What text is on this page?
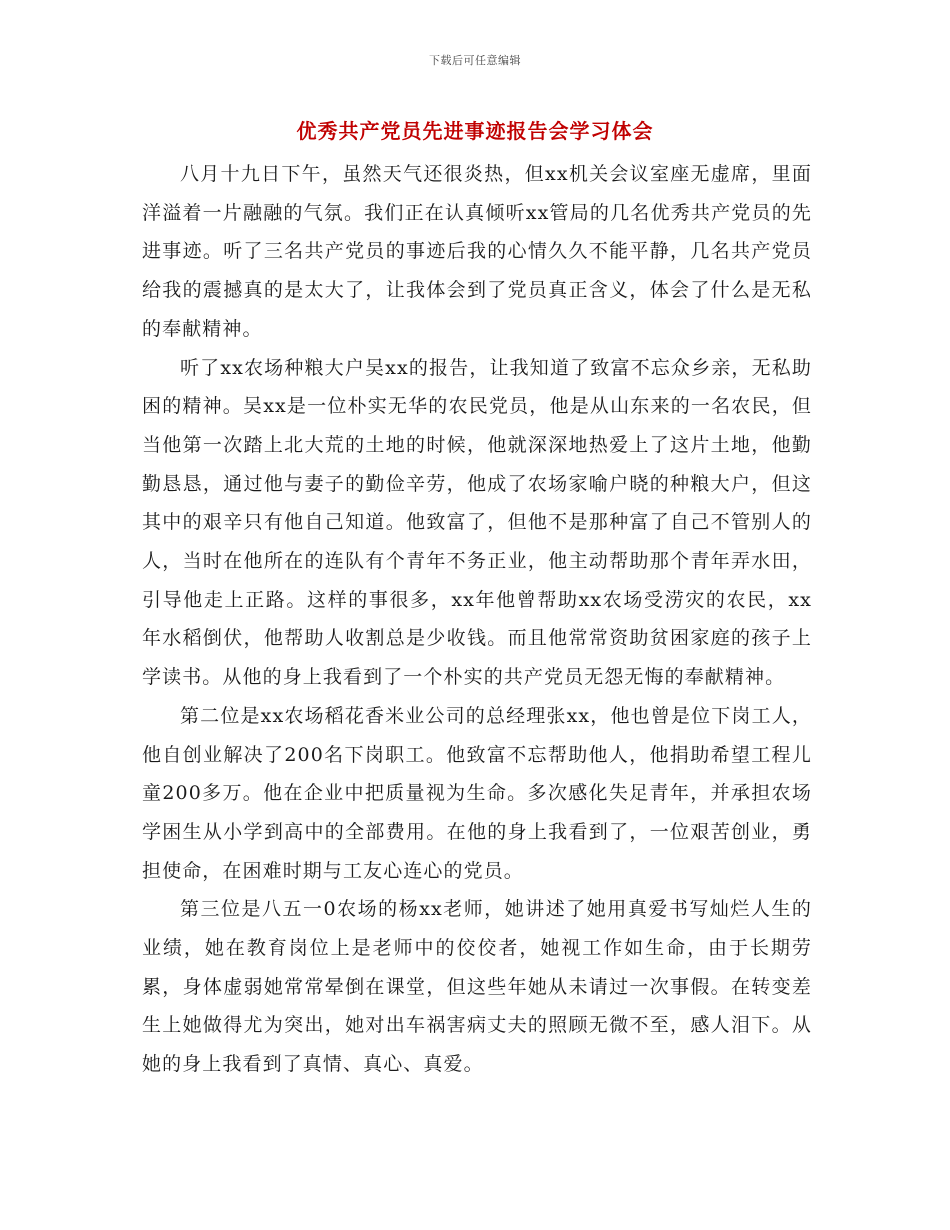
下载后可任意编辑
优秀共产党员先进事迹报告会学习体会

八月十九日下午，虽然天气还很炎热，但xx机关会议室座无虚席，里面洋溢着一片融融的气氛。我们正在认真倾听xx管局的几名优秀共产党员的先进事迹。听了三名共产党员的事迹后我的心情久久不能平静，几名共产党员给我的震撼真的是太大了，让我体会到了党员真正含义，体会了什么是无私的奉献精神。

听了xx农场种粮大户吴xx的报告，让我知道了致富不忘众乡亲，无私助困的精神。吴xx是一位朴实无华的农民党员，他是从山东来的一名农民，但当他第一次踏上北大荒的土地的时候，他就深深地热爱上了这片土地，他勤勤恳恳，通过他与妻子的勤俭辛劳，他成了农场家喻户晓的种粮大户，但这其中的艰辛只有他自己知道。他致富了，但他不是那种富了自己不管别人的人，当时在他所在的连队有个青年不务正业，他主动帮助那个青年弄水田，引导他走上正路。这样的事很多，xx年他曾帮助xx农场受涝灾的农民，xx年水稻倒伏，他帮助人收割总是少收钱。而且他常常资助贫困家庭的孩子上学读书。从他的身上我看到了一个朴实的共产党员无怨无悔的奉献精神。

第二位是xx农场稻花香米业公司的总经理张xx，他也曾是位下岗工人，他自创业解决了200名下岗职工。他致富不忘帮助他人，他捐助希望工程儿童200多万。他在企业中把质量视为生命。多次感化失足青年，并承担农场学困生从小学到高中的全部费用。在他的身上我看到了，一位艰苦创业，勇担使命，在困难时期与工友心连心的党员。

第三位是八五一0农场的杨xx老师，她讲述了她用真爱书写灿烂人生的业绩，她在教育岗位上是老师中的佼佼者，她视工作如生命，由于长期劳累，身体虚弱她常常晕倒在课堂，但这些年她从未请过一次事假。在转变差生上她做得尤为突出，她对出车祸害病丈夫的照顾无微不至，感人泪下。从她的身上我看到了真情、真心、真爱。
